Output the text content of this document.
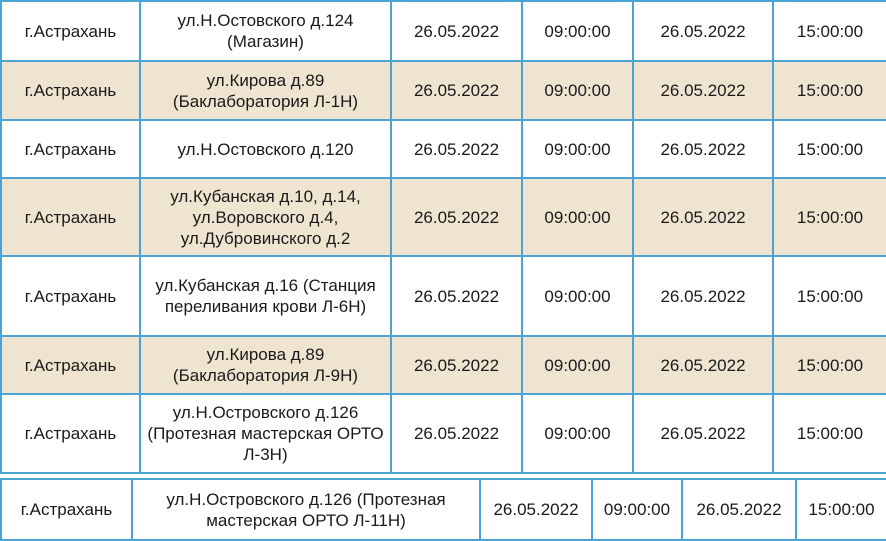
г.Астрахань	ул.Н.Остовского д.124 (Магазин)	26.05.2022	09:00:00	26.05.2022	15:00:00
г.Астрахань	ул.Кирова д.89 (Баклаборатория Л-1Н)	26.05.2022	09:00:00	26.05.2022	15:00:00
г.Астрахань	ул.Н.Остовского д.120	26.05.2022	09:00:00	26.05.2022	15:00:00
г.Астрахань	ул.Кубанская д.10, д.14, ул.Воровского д.4, ул.Дубровинского д.2	26.05.2022	09:00:00	26.05.2022	15:00:00
г.Астрахань	ул.Кубанская д.16 (Станция переливания крови Л-6Н)	26.05.2022	09:00:00	26.05.2022	15:00:00
г.Астрахань	ул.Кирова д.89 (Баклаборатория Л-9Н)	26.05.2022	09:00:00	26.05.2022	15:00:00
г.Астрахань	ул.Н.Островского д.126 (Протезная мастерская ОРТО Л-3Н)	26.05.2022	09:00:00	26.05.2022	15:00:00
г.Астрахань	ул.Н.Островского д.126 (Протезная мастерская ОРТО Л-11Н)	26.05.2022	09:00:00	26.05.2022	15:00:00
